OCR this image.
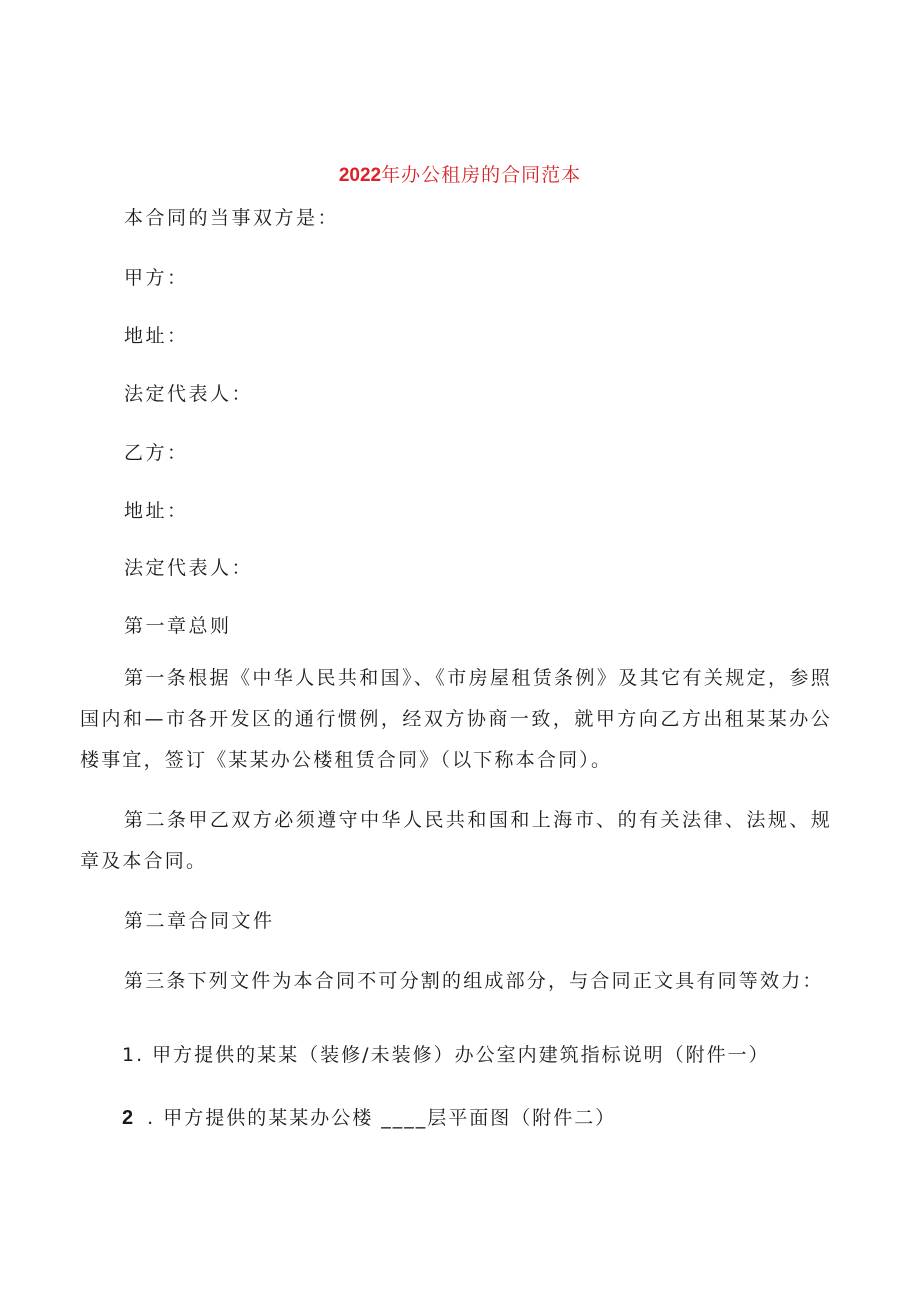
2022年办公租房的合同范本
本合同的当事双方是：
甲方：
地址：
法定代表人：
乙方：
地址：
法定代表人：
第一章总则
第一条根据《中华人民共和国》、《市房屋租赁条例》及其它有关规定，参照国内和—市各开发区的通行惯例，经双方协商一致，就甲方向乙方出租某某办公楼事宜，签订《某某办公楼租赁合同》（以下称本合同）。
第二条甲乙双方必须遵守中华人民共和国和上海市、的有关法律、法规、规章及本合同。
第二章合同文件
第三条下列文件为本合同不可分割的组成部分，与合同正文具有同等效力：
1. 甲方提供的某某（装修/未装修）办公室内建筑指标说明（附件一）
2 . 甲方提供的某某办公楼 ____层平面图（附件二）
